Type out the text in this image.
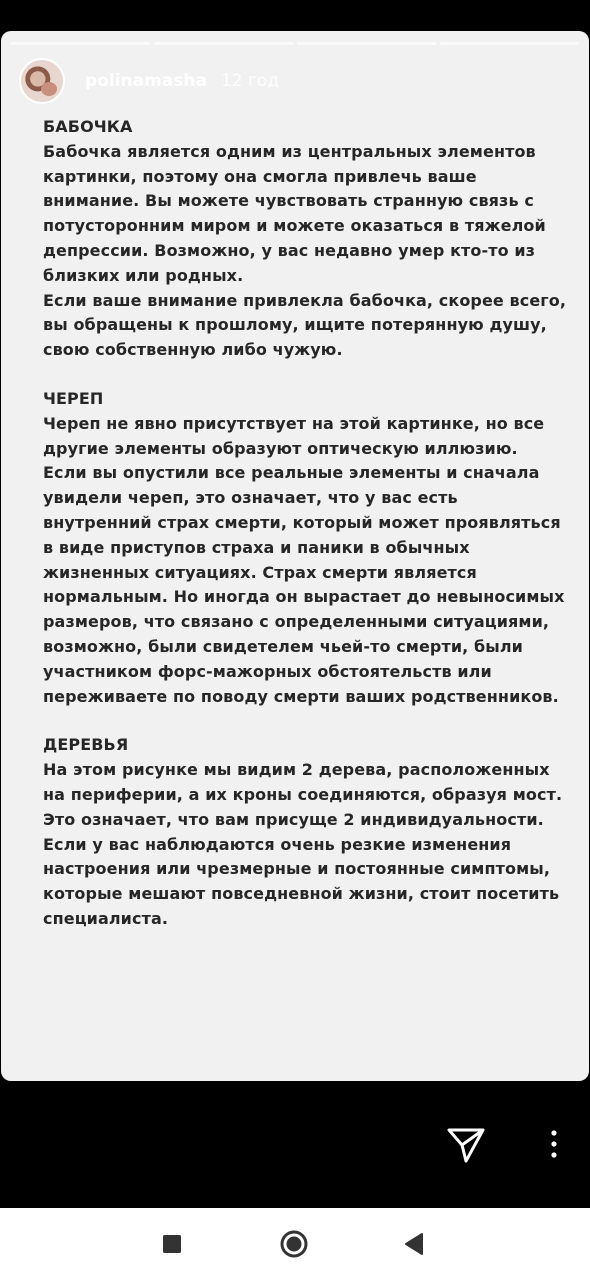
polinamasha 12 год

БАБОЧКА

Бабочка является одним из центральных элементов картинки, поэтому она смогла привлечь ваше внимание. Вы можете чувствовать странную связь с потусторонним миром и можете оказаться в тяжелой депрессии. Возможно, у вас недавно умер кто-то из близких или родных.

Если ваше внимание привлекла бабочка, скорее всего, вы обращены к прошлому, ищите потерянную душу, свою собственную либо чужую.

ЧЕРЕП

Череп не явно присутствует на этой картинке, но все другие элементы образуют оптическую иллюзию.

Если вы опустили все реальные элементы и сначала увидели череп, это означает, что у вас есть внутренний страх смерти, который может проявляться в виде приступов страха и паники в обычных жизненных ситуациях. Страх смерти является нормальным. Но иногда он вырастает до невыносимых размеров, что связано с определенными ситуациями, возможно, были свидетелем чьей-то смерти, были участником форс-мажорных обстоятельств или переживаете по поводу смерти ваших родственников.

ДЕРЕВЬЯ

На этом рисунке мы видим 2 дерева, расположенных на периферии, а их кроны соединяются, образуя мост.

Это означает, что вам присуще 2 индивидуальности.

Если у вас наблюдаются очень резкие изменения настроения или чрезмерные и постоянные симптомы, которые мешают повседневной жизни, стоит посетить специалиста.
